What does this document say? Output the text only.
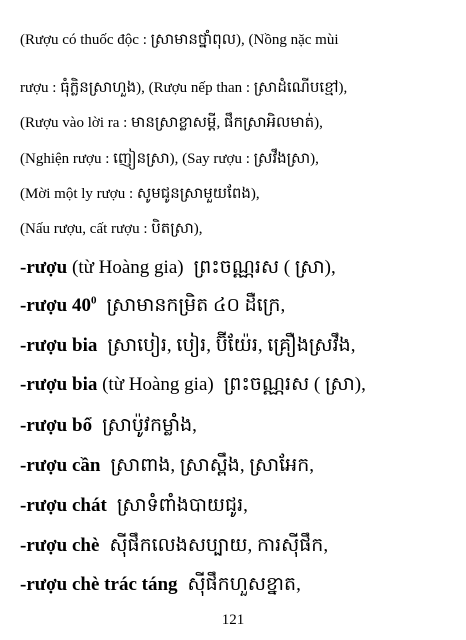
(Rượu có thuốc độc : ស្រាមានថ្នាំពុល), (Nồng nặc mùi
rượu : ធុំក្លិនស្រាហួង), (Rượu nếp than : ស្រាដំណើបខ្មៅ),
(Rượu vào lời ra : មានស្រាខ្លាសម្តី, ផឹកស្រាអិលមាត់),
(Nghiện rượu : ញៀនស្រា), (Say rượu : ស្រវឹងស្រា),
(Mời một ly rượu : សូមជូនស្រាមួយពែង),
(Nấu rượu, cất rượu : បិតស្រា),
-rượu (từ Hoàng gia) ព្រះចណ្ណរស ( ស្រា),
-rượu $40^0$ ស្រាមានកម្រិត ៤០ ដឺក្រេ,
-rượu bia ស្រាបៀរ, បៀរ, ប៊ីយ៉ែរ, គ្រឿងស្រវឹង,
-rượu bia (từ Hoàng gia) ព្រះចណ្ណរស ( ស្រា),
-rượu bổ ស្រាប៉ូវកម្លាំង,
-rượu cần ស្រាពាង, ស្រាស្ពឹង, ស្រាអែក,
-rượu chát ស្រាទំពាំងបាយជូរ,
-rượu chè ស៊ីផឹកលេងសប្បាយ, ការស៊ីផឹក,
-rượu chè trác táng ស៊ីផឹកហួសខ្នាត,
121
